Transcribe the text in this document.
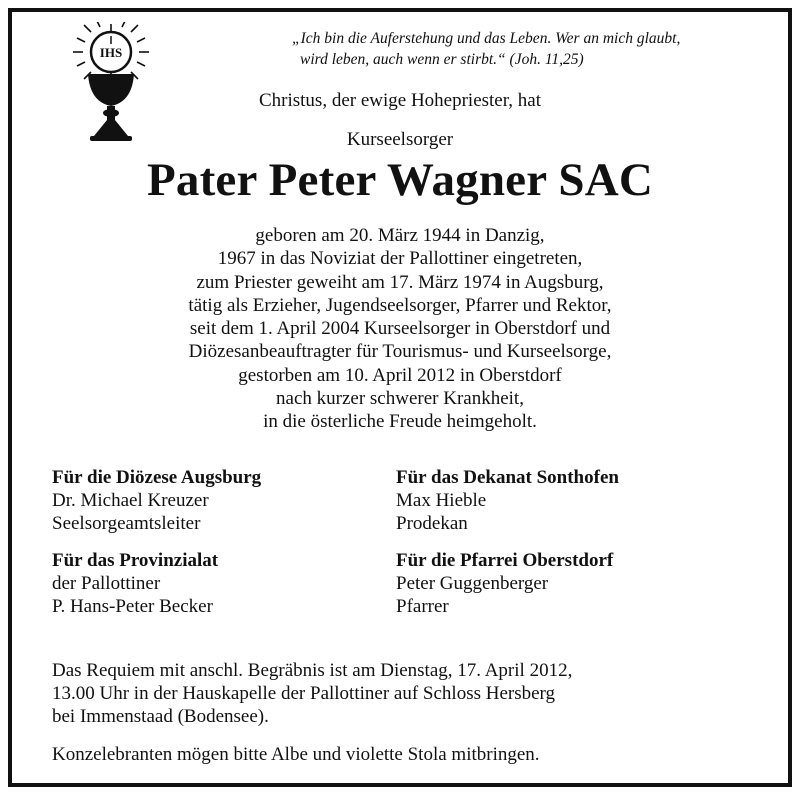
IHS
„Ich bin die Auferstehung und das Leben. Wer an mich glaubt,
wird leben, auch wenn er stirbt.“ (Joh. 11,25)
Christus, der ewige Hohepriester, hat
Kurseelsorger
Pater Peter Wagner SAC
geboren am 20. März 1944 in Danzig,
1967 in das Noviziat der Pallottiner eingetreten,
zum Priester geweiht am 17. März 1974 in Augsburg,
tätig als Erzieher, Jugendseelsorger, Pfarrer und Rektor,
seit dem 1. April 2004 Kurseelsorger in Oberstdorf und
Diözesanbeauftragter für Tourismus- und Kurseelsorge,
gestorben am 10. April 2012 in Oberstdorf
nach kurzer schwerer Krankheit,
in die österliche Freude heimgeholt.
Für die Diözese Augsburg
Dr. Michael Kreuzer
Seelsorgeamtsleiter
Für das Provinzialat
der Pallottiner
P. Hans-Peter Becker
Für das Dekanat Sonthofen
Max Hieble
Prodekan
Für die Pfarrei Oberstdorf
Peter Guggenberger
Pfarrer
Das Requiem mit anschl. Begräbnis ist am Dienstag, 17. April 2012,
13.00 Uhr in der Hauskapelle der Pallottiner auf Schloss Hersberg
bei Immenstaad (Bodensee).
Konzelebranten mögen bitte Albe und violette Stola mitbringen.
